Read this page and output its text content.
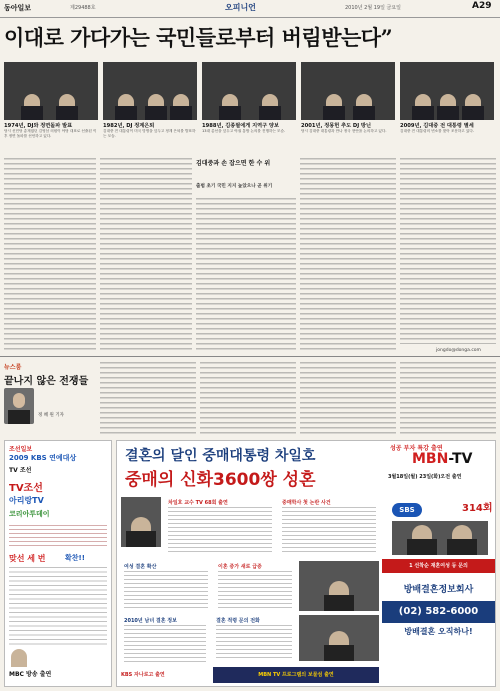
동아일보	제29488호	오피니언	2010년 2월 19일 금요일	A29
이대로 가다가는 국민들로부터 버림받는다”
1974년, DJ와 정면돌파 발표
당시 신민당 총재였던 김영삼 의원이 야당 대표로 선출된 이후 정면 돌파를 선언하고 있다.
1982년, DJ 정계은퇴
김대중 전 대통령이 미국 망명을 앞두고 정계 은퇴를 발표하는 모습.
1988년, 김종필에게 지역구 양보
13대 총선을 앞두고 야권 통합 논의를 진행하는 모습.
2001년, 정몽헌 추도 DJ 방닌
당시 김대중 대통령과 만나 정국 현안을 논의하고 있다.
2009년, 김대중 전 대통령 별세
김대중 전 대통령의 빈소를 찾아 조문하고 있다.
김대중과 손 잡으면 한 수 위
출범 초기 국민 지지 높았으나 곧 위기
jongdo@donga.com
뉴스룸
끝나지 않은 전쟁들
정 혜 원 기자
조선일보
2009 KBS 연예대상
TV 조선
TV조선
아리랑TV
코리아투데이
맞선 세 번	확찬!!
MBC 방송 출연
결혼의 달인 중매대통령 차일호
중매의 신화3600쌍 성혼
성공 부자 특강 출연
MBN-TV
3월18일(월) 23일(화)오전 출연
차일호 교수 TV 68회 출연	중매학사 첫 논란 사건
여성 결혼 확산	이혼 증가 새로 급증
2010년 남녀 결혼 정보	결혼 적령 문의 전화
KBS 자나로고 출연	MBN TV 프로그램의 보물섬 출연
SBS	314회
1 선착순 재혼여성 등 문의
방배결혼정보회사
(02) 582-6000
방배결혼 오직하나!
